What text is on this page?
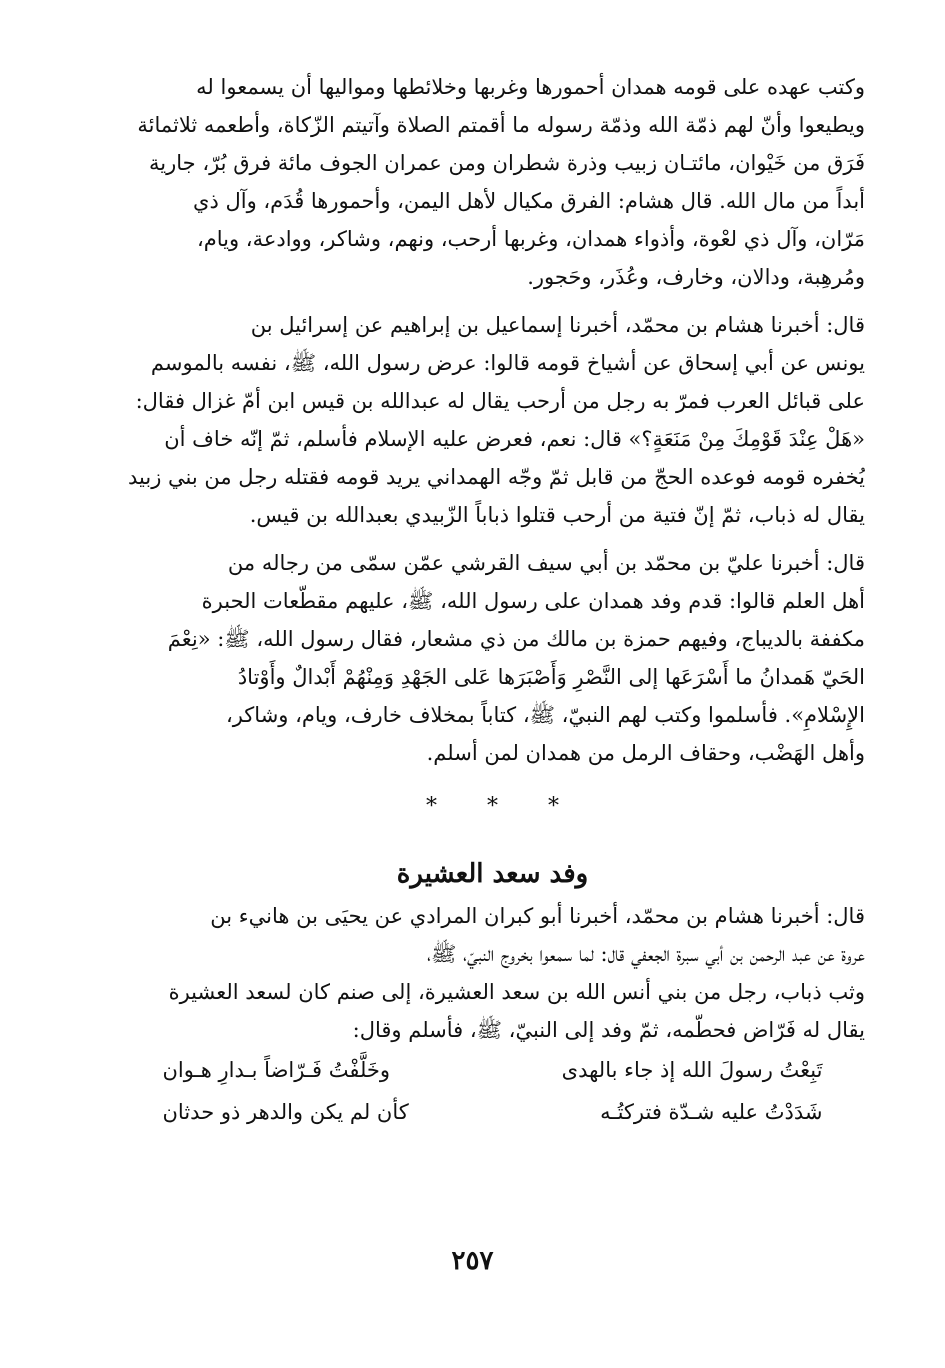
وكتب عهده على قومه همدان أحمورها وغربها وخلائطها ومواليها أن يسمعوا له
ويطيعوا وأنّ لهم ذمّة الله وذمّة رسوله ما أقمتم الصلاة وآتيتم الزّكاة، وأطعمه ثلاثمائة
فَرَق من خَيْوان، مائتـان زبيب وذرة شطران ومن عمران الجوف مائة فرق بُرّ، جارية
أبداً من مال الله. قال هشام: الفرق مكيال لأهل اليمن، وأحمورها قُدَم، وآل ذي
مَرّان، وآل ذي لعْوة، وأذواء همدان، وغربها أرحب، ونهم، وشاكر، ووادعة، ويام،
ومُرهِبة، ودالان، وخارف، وعُذَر، وحَجور.

قال: أخبرنا هشام بن محمّد، أخبرنا إسماعيل بن إبراهيم عن إسرائيل بن
يونس عن أبي إسحاق عن أشياخ قومه قالوا: عرض رسول الله، ﷺ، نفسه بالموسم
على قبائل العرب فمرّ به رجل من أرحب يقال له عبدالله بن قيس ابن أمّ غزال فقال:
«هَلْ عِنْدَ قَوْمِكَ مِنْ مَنَعَةٍ؟» قال: نعم، فعرض عليه الإسلام فأسلم، ثمّ إنّه خاف أن
يُخفره قومه فوعده الحجّ من قابل ثمّ وجّه الهمداني يريد قومه فقتله رجل من بني زبيد
يقال له ذباب، ثمّ إنّ فتية من أرحب قتلوا ذباباً الزّبيدي بعبدالله بن قيس.

قال: أخبرنا عليّ بن محمّد بن أبي سيف القرشي عمّن سمّى من رجاله من
أهل العلم قالوا: قدم وفد همدان على رسول الله، ﷺ، عليهم مقطّعات الحبرة
مكففة بالديباج، وفيهم حمزة بن مالك من ذي مشعار، فقال رسول الله، ﷺ: «نِعْمَ
الحَيّ هَمدانُ ما أَسْرَعَها إلى النَّصْرِ وَأَصْبَرَها عَلى الجَهْدِ وَمِنْهُمْ أَبْدالٌ وأَوْتادُ
الإِسْلامِ». فأسلموا وكتب لهم النبيّ، ﷺ، كتاباً بمخلاف خارف، ويام، وشاكر،
وأهل الهَضْب، وحقاف الرمل من همدان لمن أسلم.

* * *
وفد سعد العشيرة

قال: أخبرنا هشام بن محمّد، أخبرنا أبو كبران المرادي عن يحيَى بن هانيء بن
عروة عن عبد الرحمن بن أبي سبرة الجعفي قال: لما سمعوا بخروج النبيّ، ﷺ،
وثب ذباب، رجل من بني أنس الله بن سعد العشيرة، إلى صنم كان لسعد العشيرة
يقال له فَرّاض فحطّمه، ثمّ وفد إلى النبيّ، ﷺ، فأسلم وقال:

تَبِعْتُ رسولَ الله إذ جاء بالهدى
وخَلَّفْتُ فَـرّاضاً بـدارِ هـوان
شَدَدْتُ عليه شـدّة فتركتُـه
كأن لم يكن والدهر ذو حدثان
٢٥٧
